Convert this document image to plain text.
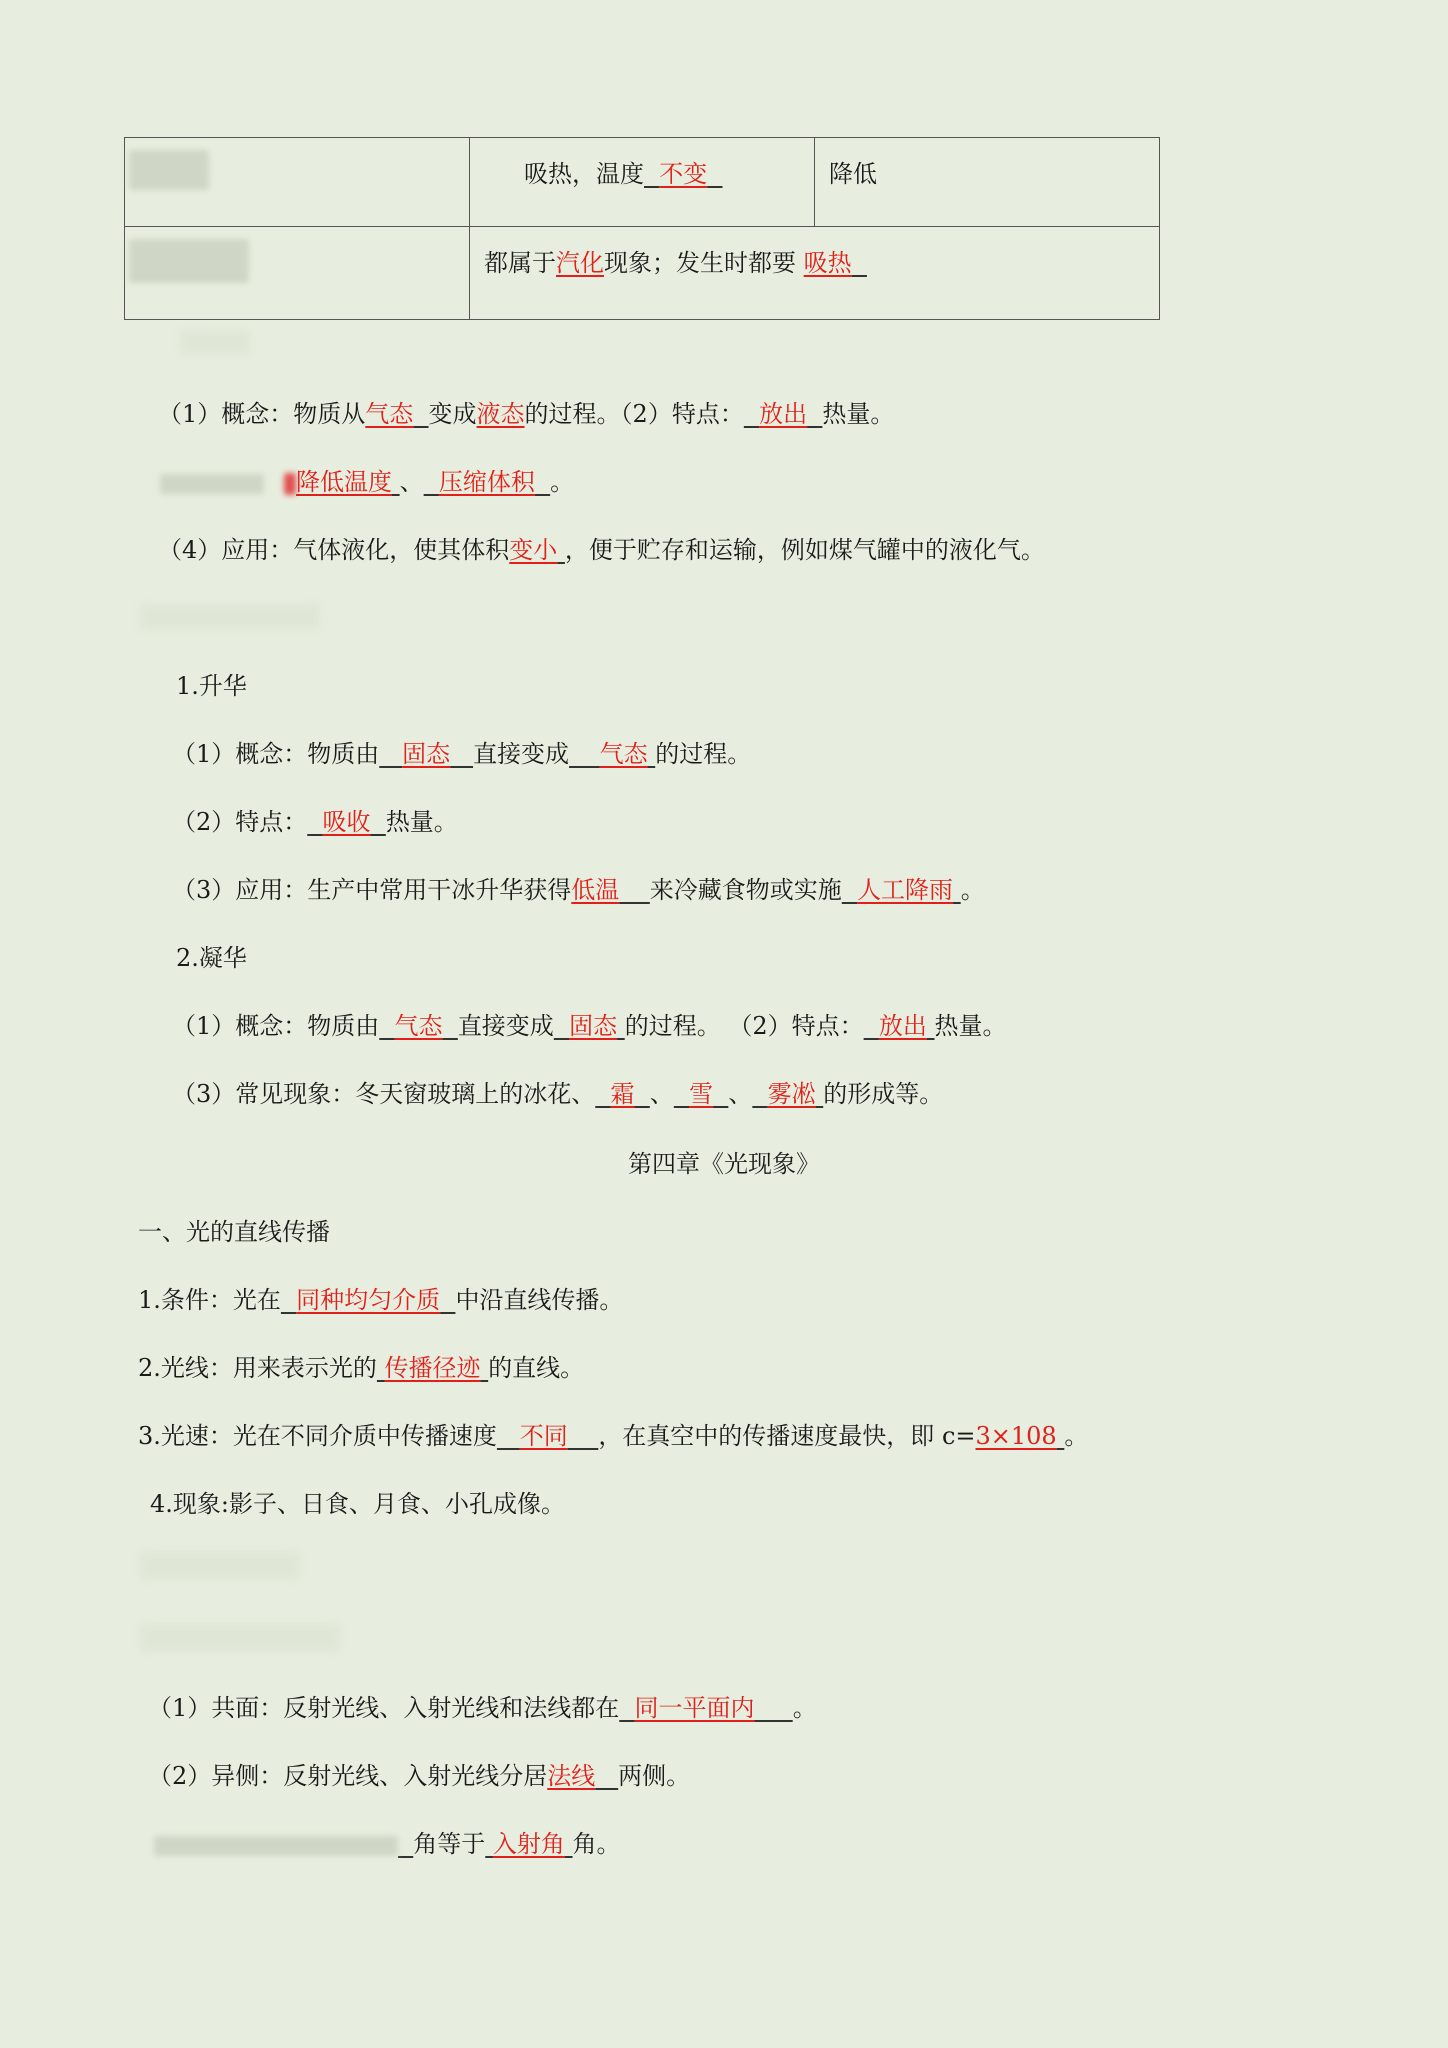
	吸热，温度 不变	降低

	都属于汽化现象；发生时都要 吸热	
（1）概念：物质从气态 变成液态的过程。（2）特点： 放出 热量。
降低温度 、 压缩体积 。
（4）应用：气体液化，使其体积变小 ，便于贮存和运输，例如煤气罐中的液化气。
1.升华
（1）概念：物质由 固态 直接变成 气态 的过程。
（2）特点： 吸收 热量。
（3）应用：生产中常用干冰升华获得低温 来冷藏食物或实施 人工降雨 。
2.凝华
（1）概念：物质由 气态 直接变成 固态 的过程。 （2）特点： 放出 热量。
（3）常见现象：冬天窗玻璃上的冰花、 霜 、 雪 、 雾凇 的形成等。
第四章《光现象》
一、光的直线传播
1.条件：光在 同种均匀介质 中沿直线传播。
2.光线：用来表示光的 传播径迹 的直线。
3.光速：光在不同介质中传播速度 不同 ，在真空中的传播速度最快，即 c=3×108 。
4.现象:影子、日食、月食、小孔成像。
（1）共面：反射光线、入射光线和法线都在 同一平面内 。
（2）异侧：反射光线、入射光线分居法线 两侧。
角等于 入射角 角。
